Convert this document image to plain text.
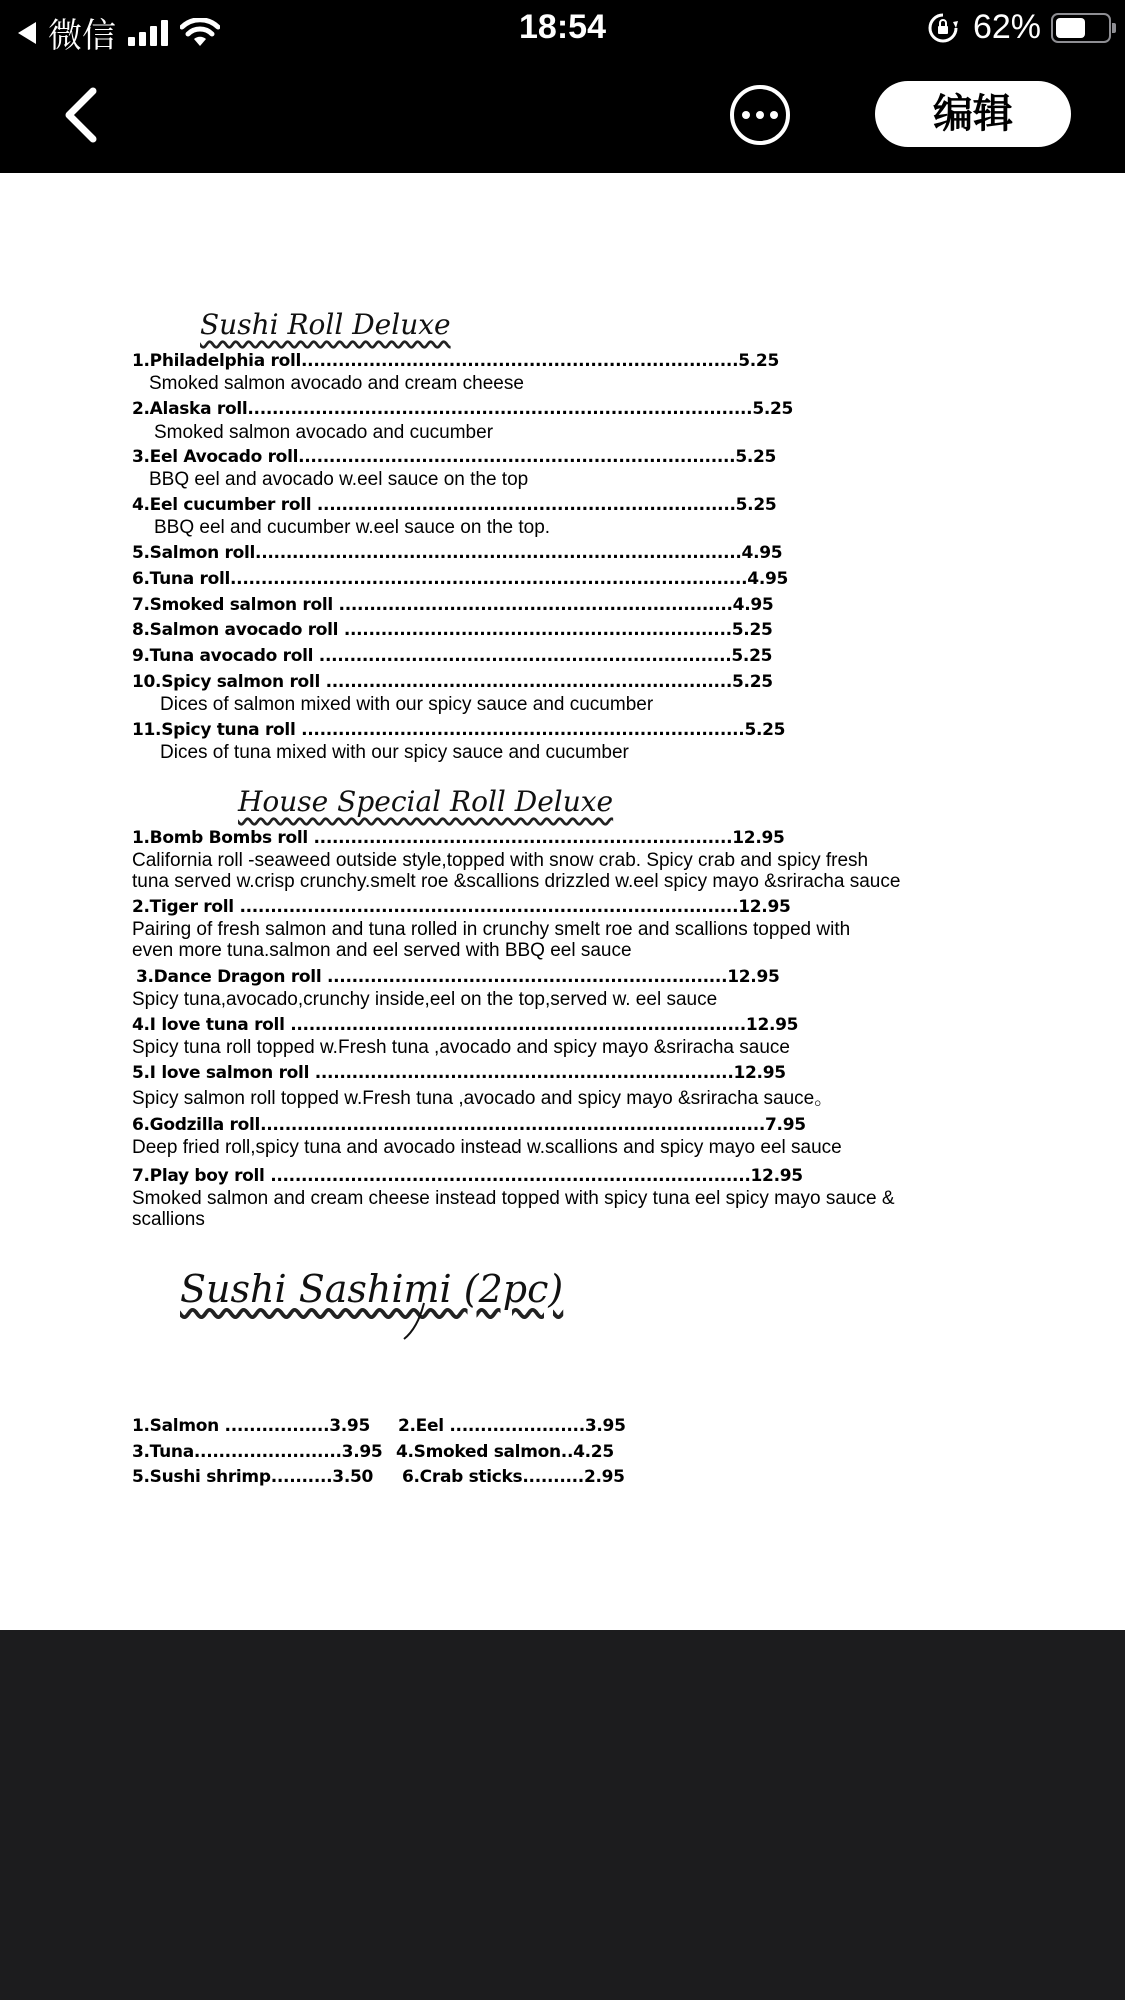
微信	18:54	62%
编辑
Sushi Roll Deluxe
1.Philadelphia roll.......................................................................5.25
Smoked salmon avocado and cream cheese
2.Alaska roll..................................................................................5.25
Smoked salmon avocado and cucumber
3.Eel Avocado roll.......................................................................5.25
BBQ eel and avocado w.eel sauce on the top
4.Eel cucumber roll ....................................................................5.25
BBQ eel and cucumber w.eel sauce on the top.
5.Salmon roll...............................................................................4.95
6.Tuna roll....................................................................................4.95
7.Smoked salmon roll ................................................................4.95
8.Salmon avocado roll ...............................................................5.25
9.Tuna avocado roll ...................................................................5.25
10.Spicy salmon roll ..................................................................5.25
Dices of salmon mixed with our spicy sauce and cucumber
11.Spicy tuna roll ........................................................................5.25
Dices of tuna mixed with our spicy sauce and cucumber
House Special Roll Deluxe
1.Bomb Bombs roll ....................................................................12.95
California roll -seaweed outside style,topped with snow crab. Spicy crab and spicy fresh
tuna served w.crisp crunchy.smelt roe &scallions drizzled w.eel spicy mayo &sriracha sauce
2.Tiger roll .................................................................................12.95
Pairing of fresh salmon and tuna rolled in crunchy smelt roe and scallions topped with
even more tuna.salmon and eel served with BBQ eel sauce
3.Dance Dragon roll .................................................................12.95
Spicy tuna,avocado,crunchy inside,eel on the top,served w. eel sauce
4.I love tuna roll ..........................................................................12.95
Spicy tuna roll topped w.Fresh tuna ,avocado and spicy mayo &sriracha sauce
5.I love salmon roll ....................................................................12.95
Spicy salmon roll topped w.Fresh tuna ,avocado and spicy mayo &sriracha sauce。
6.Godzilla roll..................................................................................7.95
Deep fried roll,spicy tuna and avocado instead w.scallions and spicy mayo eel sauce
7.Play boy roll ..............................................................................12.95
Smoked salmon and cream cheese instead topped with spicy tuna eel spicy mayo sauce &
scallions
Sushi Sashimi (2pc)
1.Salmon .................3.95 2.Eel ......................3.95
3.Tuna........................3.95 4.Smoked salmon..4.25
5.Sushi shrimp..........3.50 6.Crab sticks..........2.95
